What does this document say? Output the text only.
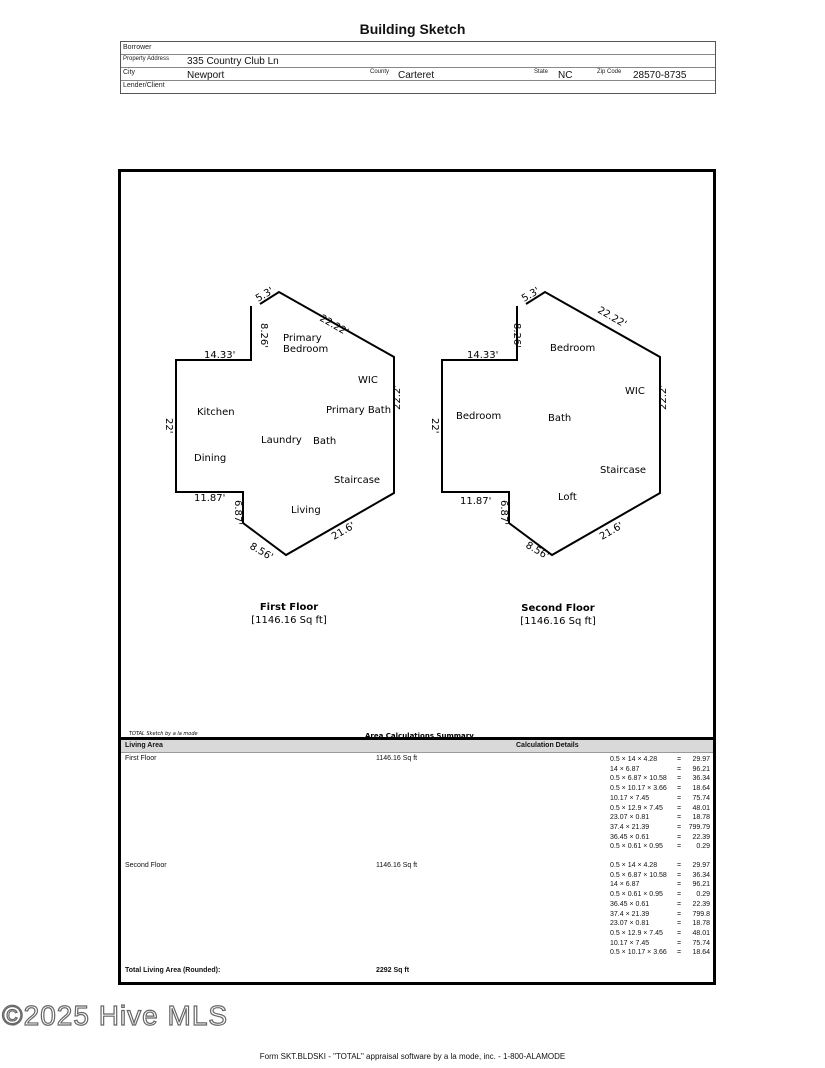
Building Sketch
Borrower
Property Address 335 Country Club Ln
City	Newport	County Carteret	State NC	Zip Code 28570-8735
Lender/Client
5.3'
22.22'
8.26'
14.33'
22'
22.2'
11.87'
6.87'
8.56'
21.6'
Primary
Bedroom
WIC
Kitchen	Primary Bath
Laundry Bath
Dining
Staircase
Living
First Floor
[1146.16 Sq ft]
5.3'
22.22'
8.26'
14.33'
22'
22.2'
11.87' 6.87'
8.56'
21.6'
Bedroom
WIC
Bedroom	Bath
Staircase
Loft
Second Floor
[1146.16 Sq ft]
TOTAL Sketch by a la mode	Area Calculations Summary
Living Area	Calculation Details
First Floor	1146.16 Sq ft	0.5 × 14 × 4.28	=	29.97
14 × 6.87	=	96.21
0.5 × 6.87 × 10.58 =	36.34
0.5 × 10.17 × 3.66 =	18.64
10.17 × 7.45	=	75.74
0.5 × 12.9 × 7.45 =	48.01
23.07 × 0.81	=	18.78
37.4 × 21.39	=	799.79
36.45 × 0.61	=	22.39
0.5 × 0.61 × 0.95 =	0.29
Second Floor	1146.16 Sq ft	0.5 × 14 × 4.28	=	29.97
0.5 × 6.87 × 10.58 =	36.34
14 × 6.87	=	96.21
0.5 × 0.61 × 0.95 =	0.29
36.45 × 0.61	=	22.39
37.4 × 21.39	=	799.8
23.07 × 0.81	=	18.78
0.5 × 12.9 × 7.45 =	48.01
10.17 × 7.45	=	75.74
0.5 × 10.17 × 3.66 =	18.64
Total Living Area (Rounded):	2292 Sq ft
©2025 Hive MLS
Form SKT.BLDSKI - "TOTAL" appraisal software by a la mode, inc. - 1-800-ALAMODE
